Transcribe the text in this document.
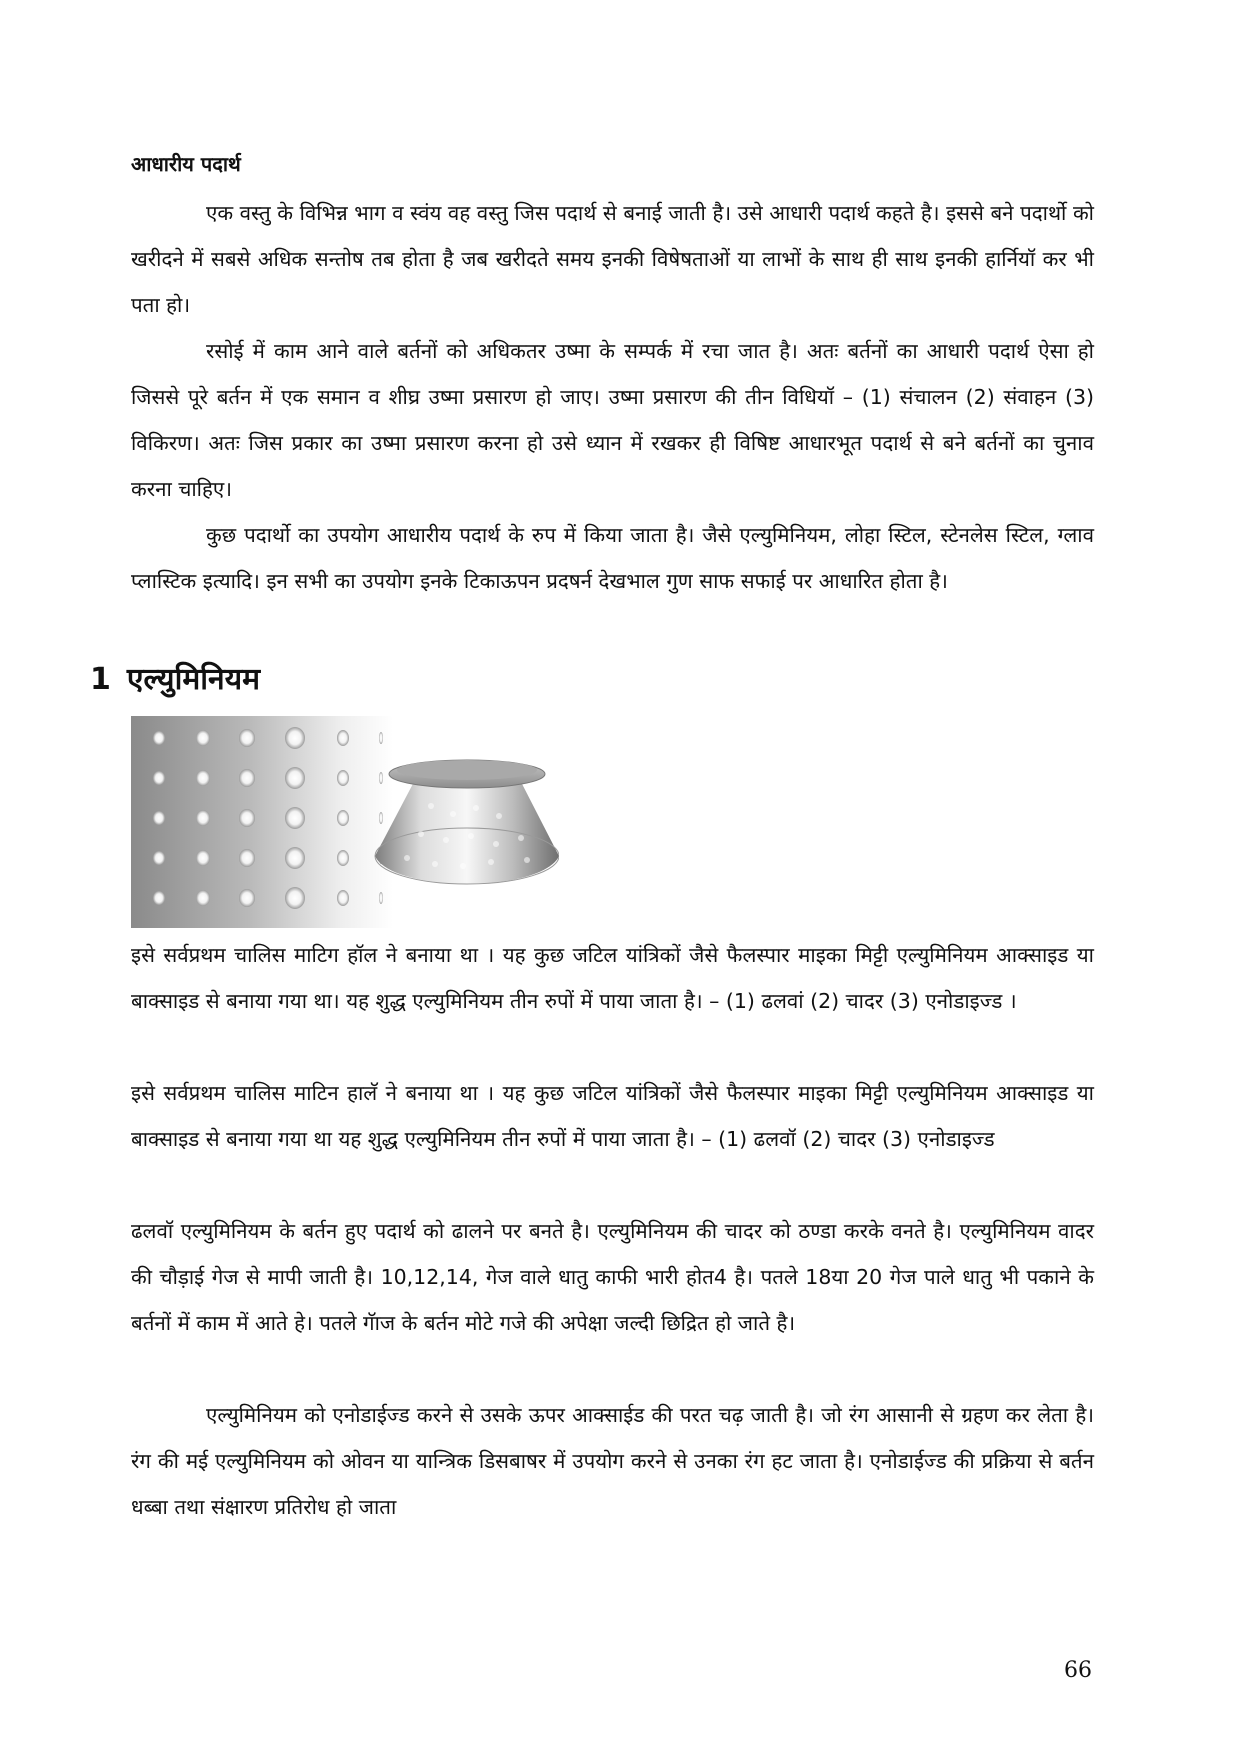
आधारीय पदार्थ

एक वस्तु के विभिन्न भाग व स्वंय वह वस्तु जिस पदार्थ से बनाई जाती है। उसे आधारी पदार्थ कहते है। इससे बने पदार्थो को खरीदने में सबसे अधिक सन्तोष तब होता है जब खरीदते समय इनकी विषेषताओं या लाभों के साथ ही साथ इनकी हार्नियॉ कर भी पता हो।

रसोई में काम आने वाले बर्तनों को अधिकतर उष्मा के सम्पर्क में रचा जात है। अतः बर्तनों का आधारी पदार्थ ऐसा हो जिससे पूरे बर्तन में एक समान व शीघ्र उष्मा प्रसारण हो जाए। उष्मा प्रसारण की तीन विधियॉ – (1) संचालन (2) संवाहन (3) विकिरण। अतः जिस प्रकार का उष्मा प्रसारण करना हो उसे ध्यान में रखकर ही विषिष्ट आधारभूत पदार्थ से बने बर्तनों का चुनाव करना चाहिए।

कुछ पदार्थो का उपयोग आधारीय पदार्थ के रुप में किया जाता है। जैसे एल्युमिनियम, लोहा स्टिल, स्टेनलेस स्टिल, ग्लाव प्लास्टिक इत्यादि। इन सभी का उपयोग इनके टिकाऊपन प्रदषर्न देखभाल गुण साफ सफाई पर आधारित होता है।

1 एल्युमिनियम

इसे सर्वप्रथम चालिस माटिग हॉल ने बनाया था । यह कुछ जटिल यांत्रिकों जैसे फैलस्पार माइका मिट्टी एल्युमिनियम आक्साइड या बाक्साइड से बनाया गया था। यह शुद्ध एल्युमिनियम तीन रुपों में पाया जाता है। – (1) ढलवां (2) चादर (3) एनोडाइज्ड ।

इसे सर्वप्रथम चालिस माटिन हालॅ ने बनाया था । यह कुछ जटिल यांत्रिकों जैसे फैलस्पार माइका मिट्टी एल्युमिनियम आक्साइड या बाक्साइड से बनाया गया था यह शुद्ध एल्युमिनियम तीन रुपों में पाया जाता है। – (1) ढलवॉ (2) चादर (3) एनोडाइज्ड

ढलवॉ एल्युमिनियम के बर्तन हुए पदार्थ को ढालने पर बनते है। एल्युमिनियम की चादर को ठण्डा करके वनते है। एल्युमिनियम वादर की चौड़ाई गेज से मापी जाती है। 10,12,14, गेज वाले धातु काफी भारी होत4 है। पतले 18या 20 गेज पाले धातु भी पकाने के बर्तनों में काम में आते हे। पतले गॅाज के बर्तन मोटे गजे की अपेक्षा जल्दी छिद्रित हो जाते है।

एल्युमिनियम को एनोडाईज्ड करने से उसके ऊपर आक्साईड की परत चढ़ जाती है। जो रंग आसानी से ग्रहण कर लेता है। रंग की मई एल्युमिनियम को ओवन या यान्त्रिक डिसबाषर में उपयोग करने से उनका रंग हट जाता है। एनोडाईज्ड की प्रक्रिया से बर्तन धब्बा तथा संक्षारण प्रतिरोध हो जाता

66
